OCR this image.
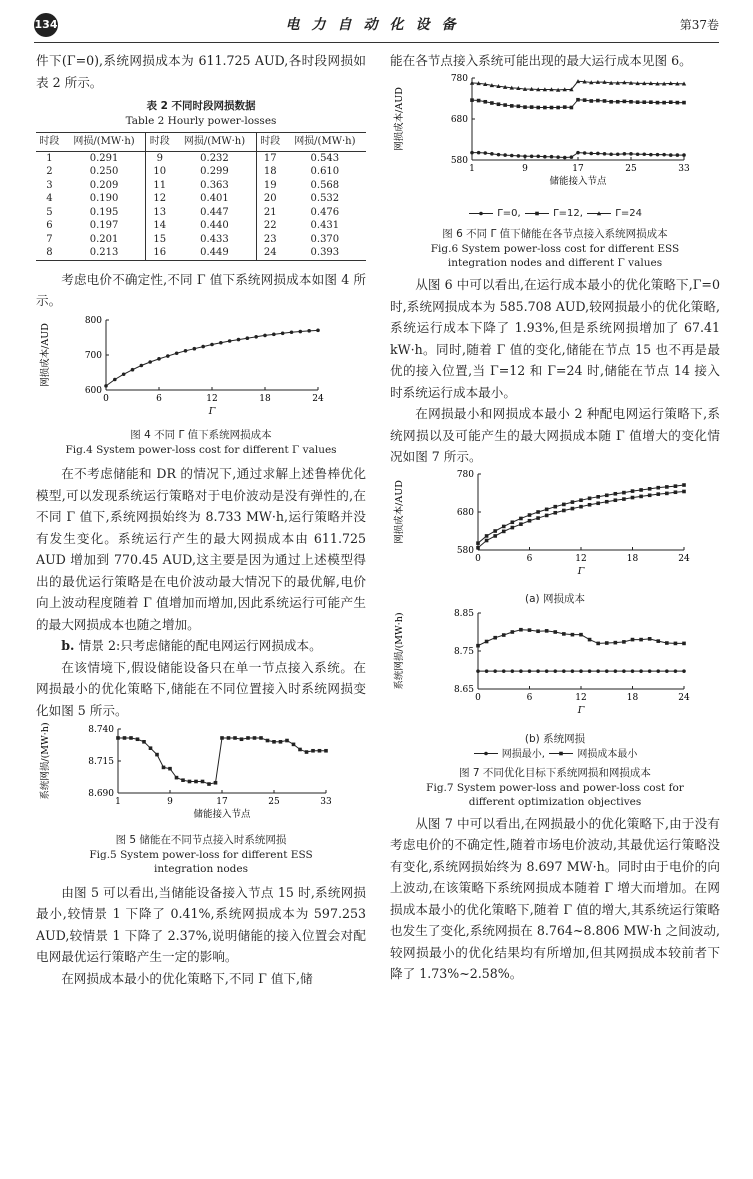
134	电力自动化设备	第37卷

件下(Γ=0),系统网损成本为 611.725 AUD,各时段网损如表 2 所示。

表 2 不同时段网损数据
Table 2 Hourly power-losses
时段	网损/(MW·h)	时段	网损/(MW·h)	时段	网损/(MW·h)
1	0.291	9	0.232	17	0.543
2	0.250	10	0.299	18	0.610
3	0.209	11	0.363	19	0.568
4	0.190	12	0.401	20	0.532
5	0.195	13	0.447	21	0.476
6	0.197	14	0.440	22	0.431
7	0.201	15	0.433	23	0.370
8	0.213	16	0.449	24	0.393

考虑电价不确定性,不同 Γ 值下系统网损成本如图 4 所示。

600
700
800
0	6	12	18	24
Γ
网损成本/AUD
图 4 不同 Γ 值下系统网损成本
Fig.4 System power-loss cost for different Γ values

在不考虑储能和 DR 的情况下,通过求解上述鲁棒优化模型,可以发现系统运行策略对于电价波动是没有弹性的,在不同 Γ 值下,系统网损始终为 8.733 MW·h,运行策略并没有发生变化。系统运行产生的最大网损成本由 611.725 AUD 增加到 770.45 AUD,这主要是因为通过上述模型得出的最优运行策略是在电价波动最大情况下的最优解,电价向上波动程度随着 Γ 值增加而增加,因此系统运行可能产生的最大网损成本也随之增加。

b. 情景 2:只考虑储能的配电网运行网损成本。

在该情境下,假设储能设备只在单一节点接入系统。在网损最小的优化策略下,储能在不同位置接入时系统网损变化如图 5 所示。

8.690
8.715
8.740
1	9	17	25	33
储能接入节点
系统网损/(MW·h)
图 5 储能在不同节点接入时系统网损
Fig.5 System power-loss for different ESS
integration nodes

由图 5 可以看出,当储能设备接入节点 15 时,系统网损最小,较情景 1 下降了 0.41%,系统网损成本为 597.253 AUD,较情景 1 下降了 2.37%,说明储能的接入位置会对配电网最优运行策略产生一定的影响。

在网损成本最小的优化策略下,不同 Γ 值下,储

能在各节点接入系统可能出现的最大运行成本见图 6。

580
680
780
1	9	17	25	33
储能接入节点
网损成本/AUD
Γ=0,	Γ=12,	Γ=24
图 6 不同 Γ 值下储能在各节点接入系统网损成本
Fig.6 System power-loss cost for different ESS
integration nodes and different Γ values

从图 6 中可以看出,在运行成本最小的优化策略下,Γ=0 时,系统网损成本为 585.708 AUD,较网损最小的优化策略,系统运行成本下降了 1.93%,但是系统网损增加了 67.41 kW·h。同时,随着 Γ 值的变化,储能在节点 15 也不再是最优的接入位置,当 Γ=12 和 Γ=24 时,储能在节点 14 接入时系统运行成本最小。

在网损最小和网损成本最小 2 种配电网运行策略下,系统网损以及可能产生的最大网损成本随 Γ 值增大的变化情况如图 7 所示。

580
680
780
0	6	12	18	24
Γ
网损成本/AUD
(a) 网损成本
8.65
8.75
8.85
0	6	12	18	24
Γ
系统网损/(MW·h)
(b) 系统网损
网损最小,	网损成本最小
图 7 不同优化目标下系统网损和网损成本
Fig.7 System power-loss and power-loss cost for
different optimization objectives

从图 7 中可以看出,在网损最小的优化策略下,由于没有考虑电价的不确定性,随着市场电价波动,其最优运行策略没有变化,系统网损始终为 8.697 MW·h。同时由于电价的向上波动,在该策略下系统网损成本随着 Γ 增大而增加。在网损成本最小的优化策略下,随着 Γ 值的增大,其系统运行策略也发生了变化,系统网损在 8.764~8.806 MW·h 之间波动,较网损最小的优化结果均有所增加,但其网损成本较前者下降了 1.73%~2.58%。
